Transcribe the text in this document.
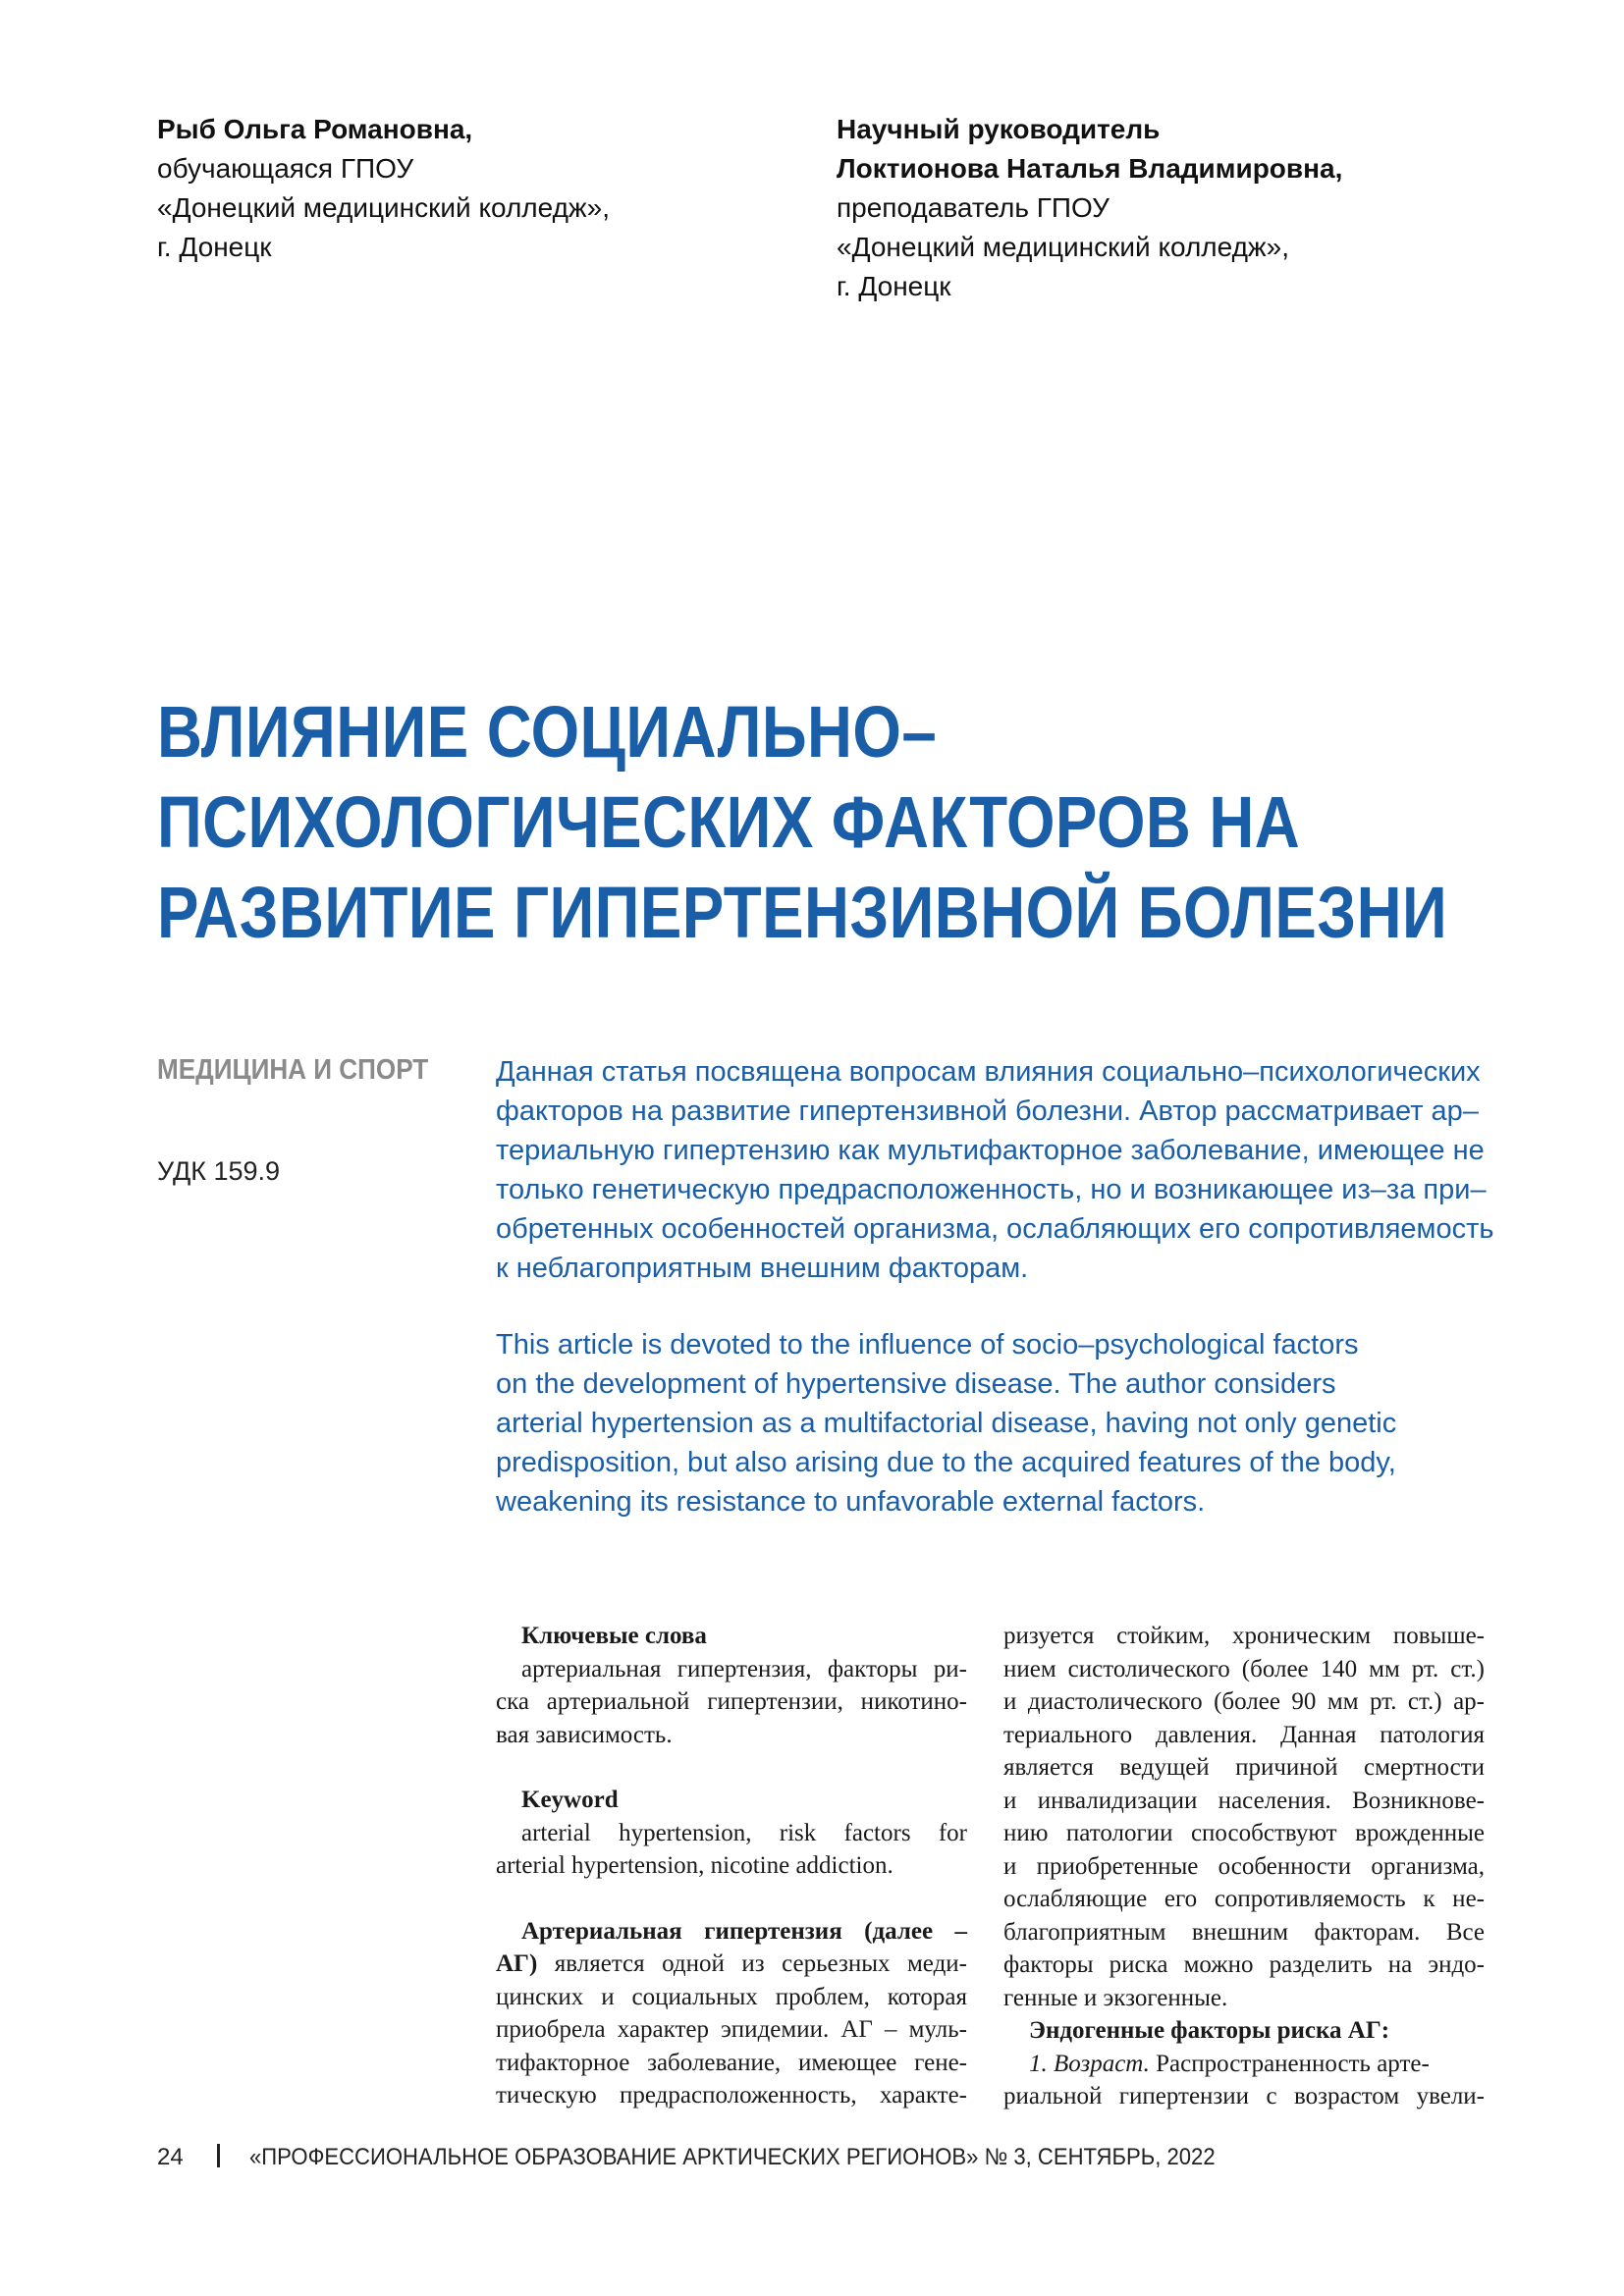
Рыб Ольга Романовна,
обучающаяся ГПОУ
«Донецкий медицинский колледж»,
г. Донецк
Научный руководитель
Локтионова Наталья Владимировна,
преподаватель ГПОУ
«Донецкий медицинский колледж»,
г. Донецк
ВЛИЯНИЕ СОЦИАЛЬНО–
ПСИХОЛОГИЧЕСКИХ ФАКТОРОВ НА
РАЗВИТИЕ ГИПЕРТЕНЗИВНОЙ БОЛЕЗНИ
МЕДИЦИНА И СПОРТ
УДК 159.9
Данная статья посвящена вопросам влияния социально–психологических
факторов на развитие гипертензивной болезни. Автор рассматривает ар–
териальную гипертензию как мультифакторное заболевание, имеющее не
только генетическую предрасположенность, но и возникающее из–за при–
обретенных особенностей организма, ослабляющих его сопротивляемость
к неблагоприятным внешним факторам.
This article is devoted to the influence of socio–psychological factors
on the development of hypertensive disease. The author considers
arterial hypertension as a multifactorial disease, having not only genetic
predisposition, but also arising due to the acquired features of the body,
weakening its resistance to unfavorable external factors.
Ключевые слова
артериальная гипертензия, факторы ри-
ска артериальной гипертензии, никотино-
вая зависимость.
Keyword
arterial hypertension, risk factors for
arterial hypertension, nicotine addiction.
Артериальная гипертензия (далее –
АГ) является одной из серьезных меди-
цинских и социальных проблем, которая
приобрела характер эпидемии. АГ – муль-
тифакторное заболевание, имеющее гене-
тическую предрасположенность, характе-
ризуется стойким, хроническим повыше-
нием систолического (более 140 мм рт. ст.)
и диастолического (более 90 мм рт. ст.) ар-
териального давления. Данная патология
является ведущей причиной смертности
и инвалидизации населения. Возникнове-
нию патологии способствуют врожденные
и приобретенные особенности организма,
ослабляющие его сопротивляемость к не-
благоприятным внешним факторам. Все
факторы риска можно разделить на эндо-
генные и экзогенные.
Эндогенные факторы риска АГ:
1. Возраст. Распространенность арте-
риальной гипертензии с возрастом увели-
24	«ПРОФЕССИОНАЛЬНОЕ ОБРАЗОВАНИЕ АРКТИЧЕСКИХ РЕГИОНОВ» № 3, СЕНТЯБРЬ, 2022
